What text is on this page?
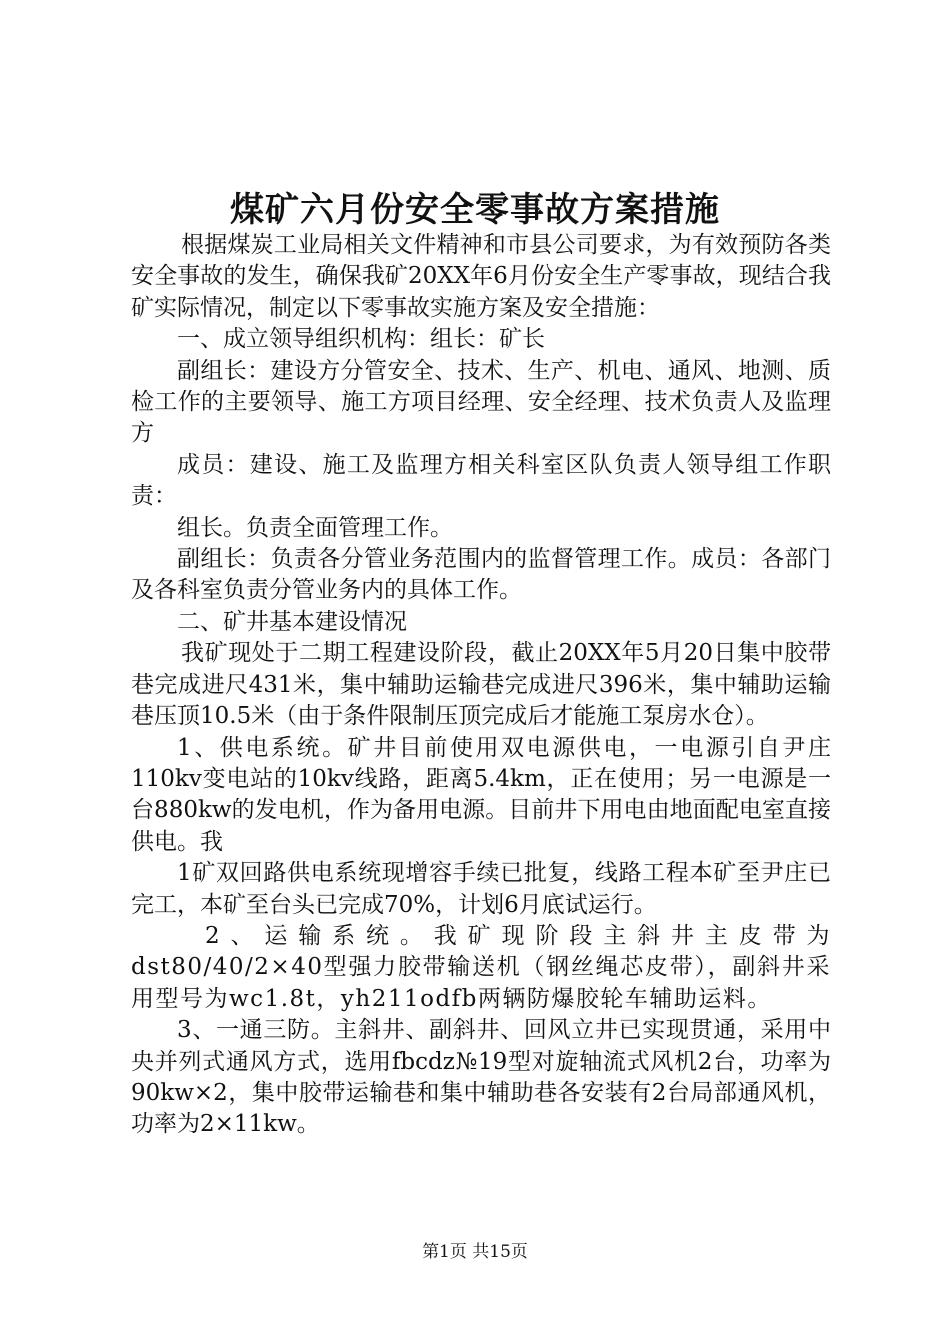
煤矿六月份安全零事故方案措施

根据煤炭工业局相关文件精神和市县公司要求，为有效预防各类安全事故的发生，确保我矿20XX年6月份安全生产零事故，现结合我矿实际情况，制定以下零事故实施方案及安全措施：

一、成立领导组织机构：组长：矿长

副组长：建设方分管安全、技术、生产、机电、通风、地测、质检工作的主要领导、施工方项目经理、安全经理、技术负责人及监理方

成员：建设、施工及监理方相关科室区队负责人领导组工作职责：

组长。负责全面管理工作。

副组长：负责各分管业务范围内的监督管理工作。成员：各部门及各科室负责分管业务内的具体工作。

二、矿井基本建设情况

我矿现处于二期工程建设阶段，截止20XX年5月20日集中胶带巷完成进尺431米，集中辅助运输巷完成进尺396米，集中辅助运输巷压顶10.5米（由于条件限制压顶完成后才能施工泵房水仓）。

1、供电系统。矿井目前使用双电源供电，一电源引自尹庄110kv变电站的10kv线路，距离5.4km，正在使用；另一电源是一台880kw的发电机，作为备用电源。目前井下用电由地面配电室直接供电。我

1矿双回路供电系统现增容手续已批复，线路工程本矿至尹庄已完工，本矿至台头已完成70%，计划6月底试运行。

2、运输系统。我矿现阶段主斜井主皮带为dst80/40/2×40型强力胶带输送机（钢丝绳芯皮带），副斜井采用型号为wc1.8t，yh211odfb两辆防爆胶轮车辅助运料。

3、一通三防。主斜井、副斜井、回风立井已实现贯通，采用中央并列式通风方式，选用fbcdz№19型对旋轴流式风机2台，功率为90kw×2，集中胶带运输巷和集中辅助巷各安装有2台局部通风机，功率为2×11kw。

第1页 共15页
